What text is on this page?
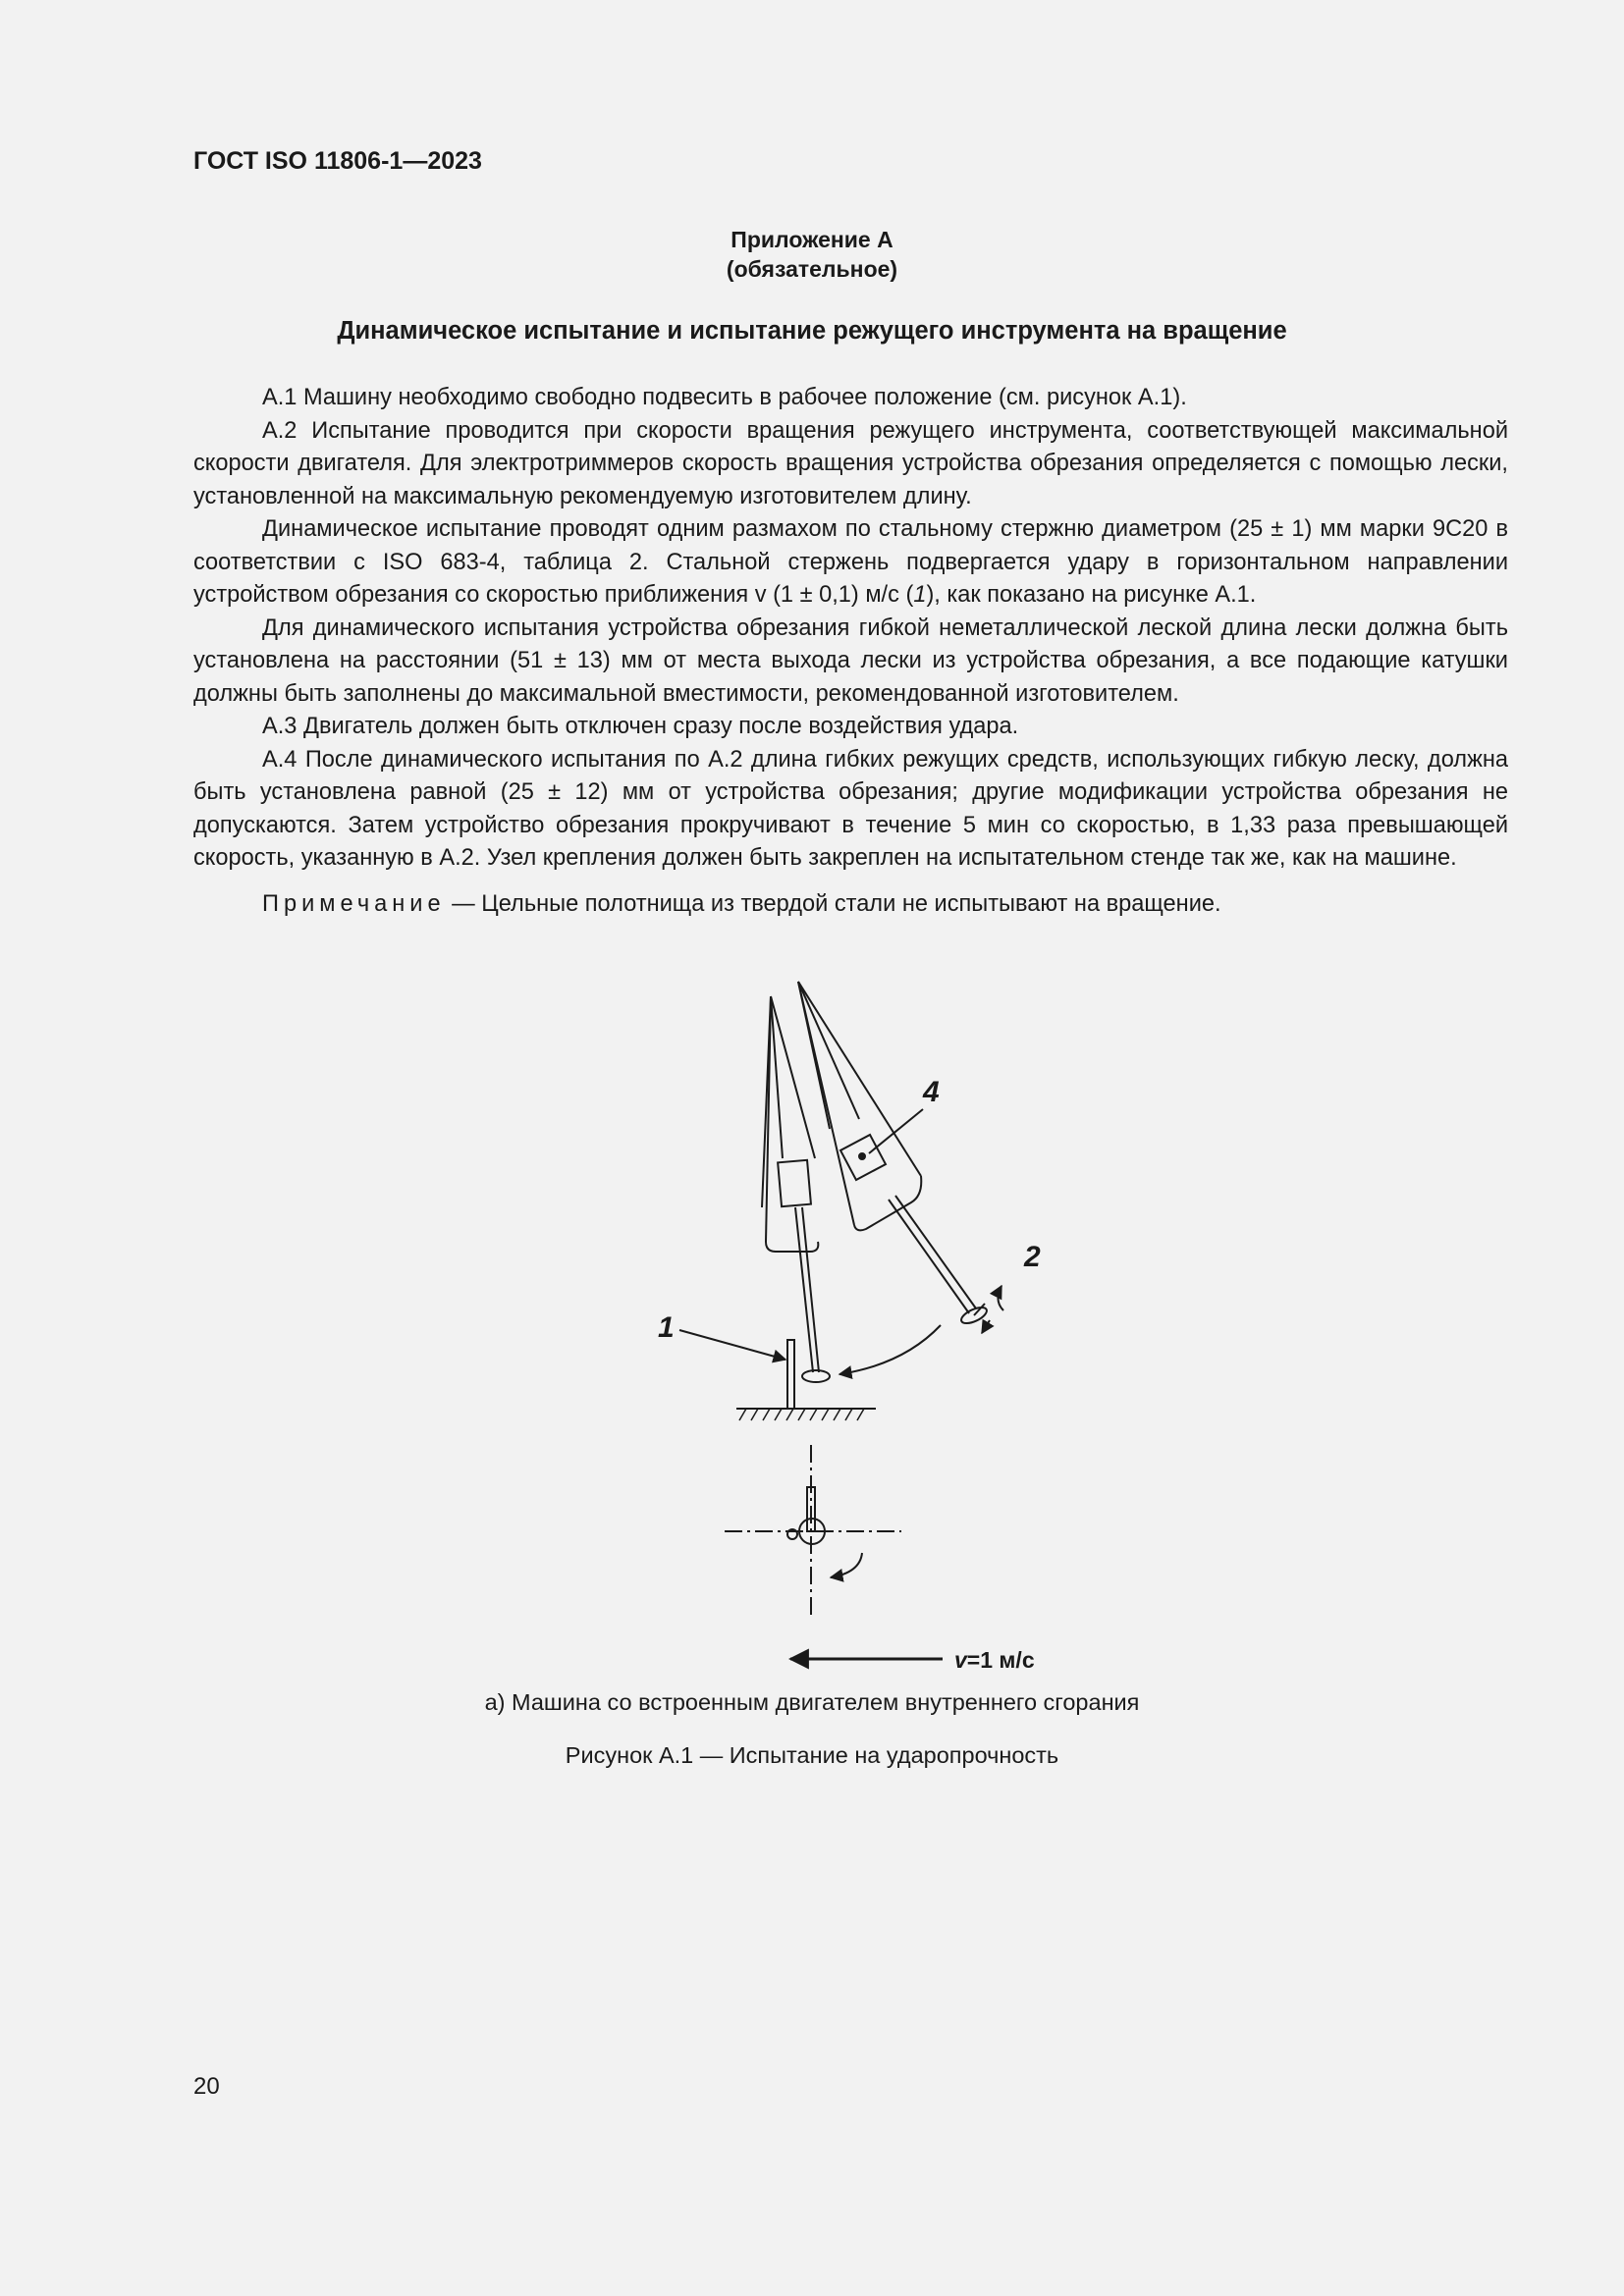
ГОСТ ISO 11806-1—2023
Приложение А
(обязательное)
Динамическое испытание и испытание режущего инструмента на вращение

А.1 Машину необходимо свободно подвесить в рабочее положение (см. рисунок А.1).

А.2 Испытание проводится при скорости вращения режущего инструмента, соответствующей максимальной скорости двигателя. Для электротриммеров скорость вращения устройства обрезания определяется с помощью лески, установленной на максимальную рекомендуемую изготовителем длину.

Динамическое испытание проводят одним размахом по стальному стержню диаметром (25 ± 1) мм марки 9С20 в соответствии с ISO 683-4, таблица 2. Стальной стержень подвергается удару в горизонтальном направлении устройством обрезания со скоростью приближения v (1 ± 0,1) м/с (1), как показано на рисунке А.1.

Для динамического испытания устройства обрезания гибкой неметаллической леской длина лески должна быть установлена на расстоянии (51 ± 13) мм от места выхода лески из устройства обрезания, а все подающие катушки должны быть заполнены до максимальной вместимости, рекомендованной изготовителем.

А.3 Двигатель должен быть отключен сразу после воздействия удара.

А.4 После динамического испытания по А.2 длина гибких режущих средств, использующих гибкую леску, должна быть установлена равной (25 ± 12) мм от устройства обрезания; другие модификации устройства обрезания не допускаются. Затем устройство обрезания прокручивают в течение 5 мин со скоростью, в 1,33 раза превышающей скорость, указанную в А.2. Узел крепления должен быть закреплен на испытательном стенде так же, как на машине.

Примечание — Цельные полотнища из твердой стали не испытывают на вращение.

1
2
4
v=1 м/с
а) Машина со встроенным двигателем внутреннего сгорания
Рисунок А.1 — Испытание на ударопрочность
20
